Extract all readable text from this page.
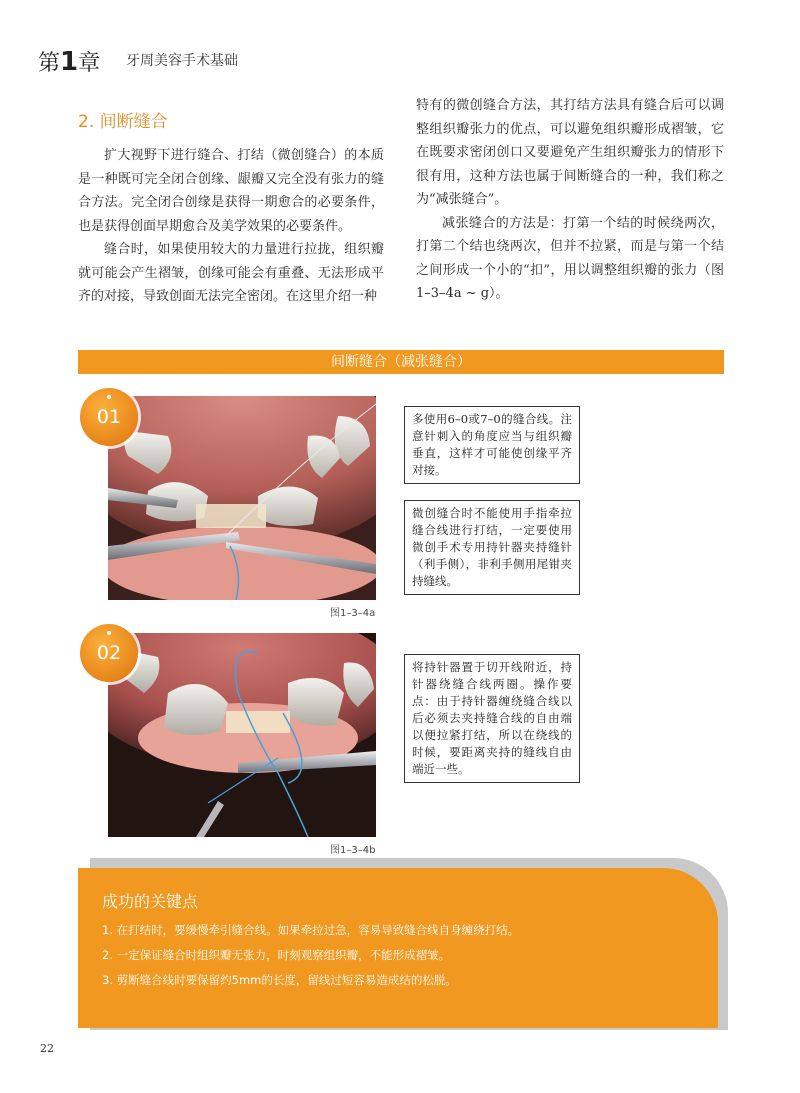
第1章 牙周美容手术基础
2. 间断缝合

扩大视野下进行缝合、打结（微创缝合）的本质是一种既可完全闭合创缘、龈瓣又完全没有张力的缝合方法。完全闭合创缘是获得一期愈合的必要条件，也是获得创面早期愈合及美学效果的必要条件。

缝合时，如果使用较大的力量进行拉拢，组织瓣就可能会产生褶皱，创缘可能会有重叠、无法形成平齐的对接，导致创面无法完全密闭。在这里介绍一种

特有的微创缝合方法，其打结方法具有缝合后可以调整组织瓣张力的优点，可以避免组织瓣形成褶皱，它在既要求密闭创口又要避免产生组织瓣张力的情形下很有用，这种方法也属于间断缝合的一种，我们称之为“减张缝合”。

减张缝合的方法是：打第一个结的时候绕两次，打第二个结也绕两次，但并不拉紧，而是与第一个结之间形成一个小的“扣”，用以调整组织瓣的张力（图1–3–4a ~ g）。

间断缝合（减张缝合）
01
图1–3–4a
多使用6–0或7–0的缝合线。注意针刺入的角度应当与组织瓣垂直，这样才可能使创缘平齐对接。
微创缝合时不能使用手指牵拉缝合线进行打结，一定要使用微创手术专用持针器夹持缝针（利手侧），非利手侧用尾钳夹持缝线。
02
图1–3–4b
将持针器置于切开线附近，持针器绕缝合线两圈。操作要点：由于持针器缠绕缝合线以后必须去夹持缝合线的自由端以便拉紧打结，所以在绕线的时候，要距离夹持的缝线自由端近一些。
成功的关键点
1. 在打结时，要缓慢牵引缝合线。如果牵拉过急，容易导致缝合线自身缠绕打结。
2. 一定保证缝合时组织瓣无张力，时刻观察组织瓣，不能形成褶皱。
3. 剪断缝合线时要保留约5mm的长度，留线过短容易造成结的松脱。
22
